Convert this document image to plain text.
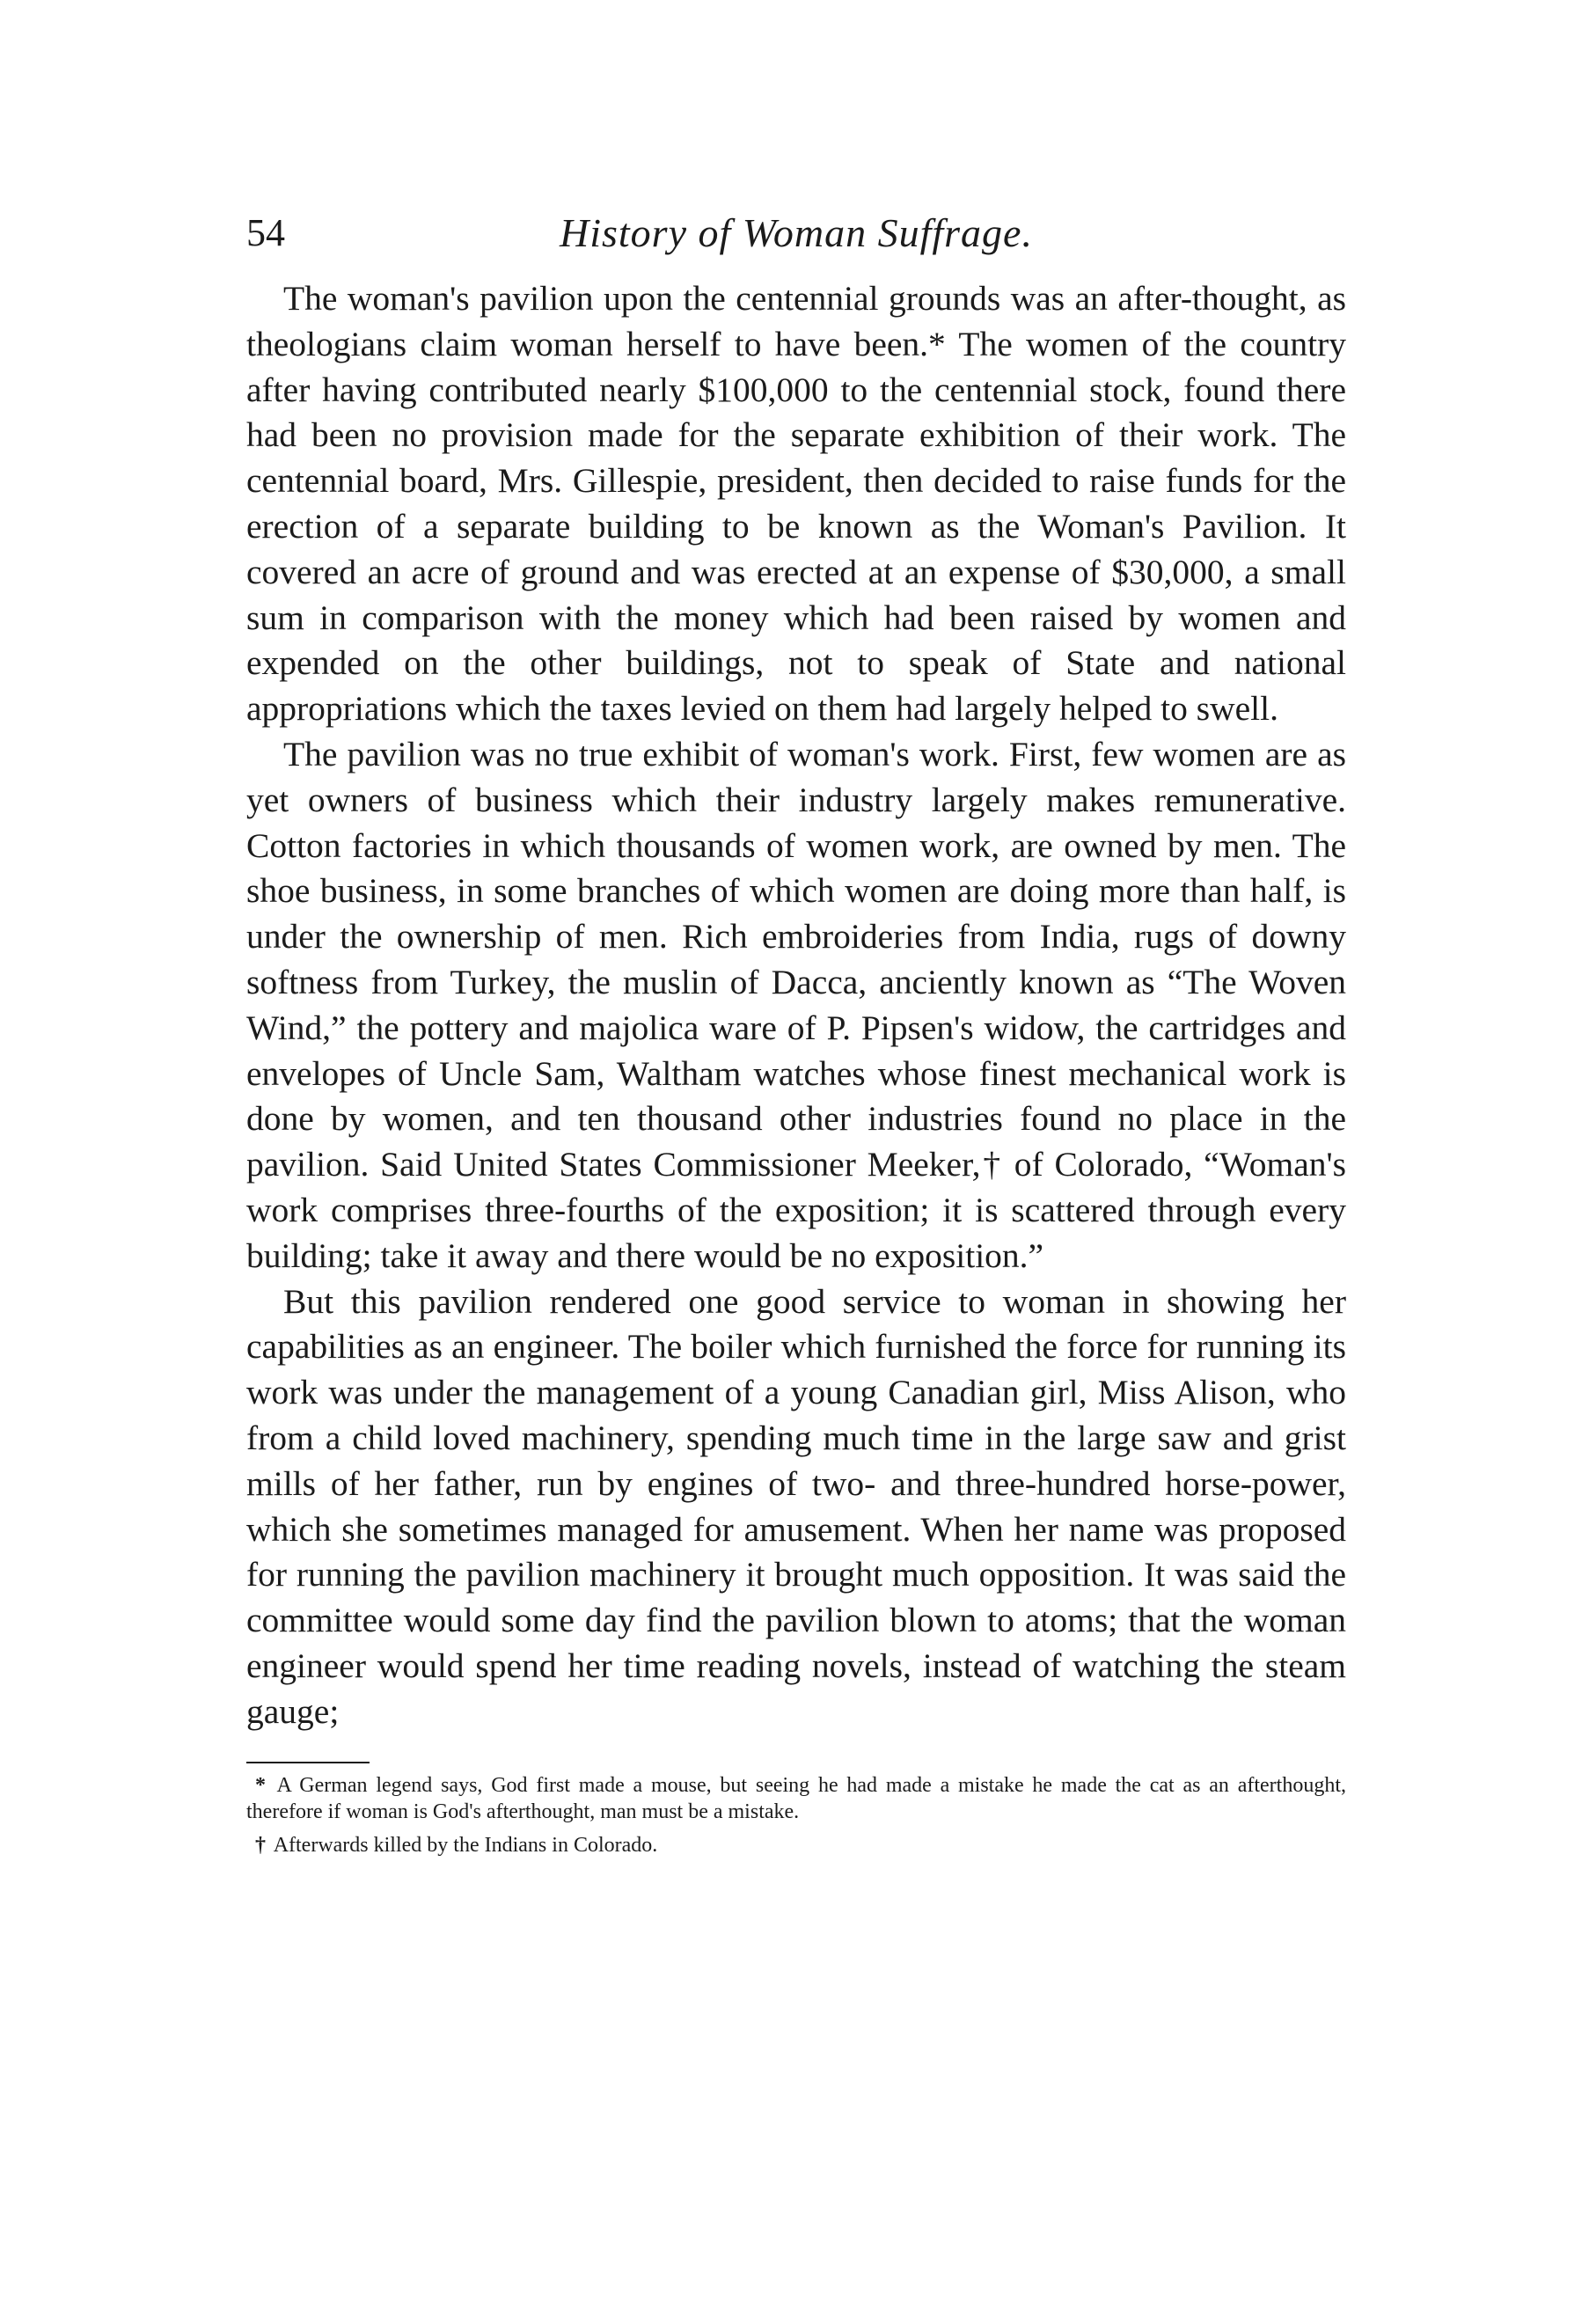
54	History of Woman Suffrage.

The woman's pavilion upon the centennial grounds was an after-thought, as theologians claim woman herself to have been.* The women of the country after having contributed nearly $100,000 to the centennial stock, found there had been no provision made for the separate exhibition of their work. The centennial board, Mrs. Gillespie, president, then decided to raise funds for the erection of a separate building to be known as the Woman's Pavilion. It covered an acre of ground and was erected at an expense of $30,000, a small sum in comparison with the money which had been raised by women and expended on the other buildings, not to speak of State and national appropriations which the taxes levied on them had largely helped to swell.

The pavilion was no true exhibit of woman's work. First, few women are as yet owners of business which their industry largely makes remunerative. Cotton factories in which thousands of women work, are owned by men. The shoe business, in some branches of which women are doing more than half, is under the ownership of men. Rich embroideries from India, rugs of downy softness from Turkey, the muslin of Dacca, anciently known as “The Woven Wind,” the pottery and majolica ware of P. Pipsen's widow, the cartridges and envelopes of Uncle Sam, Waltham watches whose finest mechanical work is done by women, and ten thousand other industries found no place in the pavilion. Said United States Commissioner Meeker,† of Colorado, “Woman's work comprises three-fourths of the exposition; it is scattered through every building; take it away and there would be no exposition.”

But this pavilion rendered one good service to woman in showing her capabilities as an engineer. The boiler which furnished the force for running its work was under the management of a young Canadian girl, Miss Alison, who from a child loved machinery, spending much time in the large saw and grist mills of her father, run by engines of two- and three-hundred horse-power, which she sometimes managed for amusement. When her name was proposed for running the pavilion machinery it brought much opposition. It was said the committee would some day find the pavilion blown to atoms; that the woman engineer would spend her time reading novels, instead of watching the steam gauge;

* A German legend says, God first made a mouse, but seeing he had made a mistake he made the cat as an afterthought, therefore if woman is God's afterthought, man must be a mistake.

† Afterwards killed by the Indians in Colorado.
